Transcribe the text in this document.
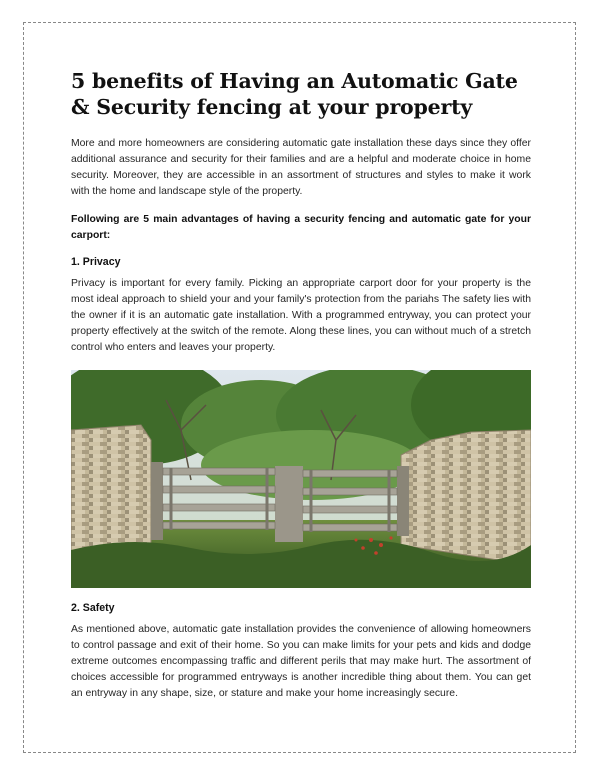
5 benefits of Having an Automatic Gate & Security fencing at your property

More and more homeowners are considering automatic gate installation these days since they offer additional assurance and security for their families and are a helpful and moderate choice in home security. Moreover, they are accessible in an assortment of structures and styles to make it work with the home and landscape style of the property.

Following are 5 main advantages of having a security fencing and automatic gate for your carport:

1. Privacy

Privacy is important for every family. Picking an appropriate carport door for your property is the most ideal approach to shield your and your family's protection from the pariahs The safety lies with the owner if it is an automatic gate installation. With a programmed entryway, you can protect your property effectively at the switch of the remote. Along these lines, you can without much of a stretch control who enters and leaves your property.

2. Safety

As mentioned above, automatic gate installation provides the convenience of allowing homeowners to control passage and exit of their home. So you can make limits for your pets and kids and dodge extreme outcomes encompassing traffic and different perils that may make hurt. The assortment of choices accessible for programmed entryways is another incredible thing about them. You can get an entryway in any shape, size, or stature and make your home increasingly secure.
